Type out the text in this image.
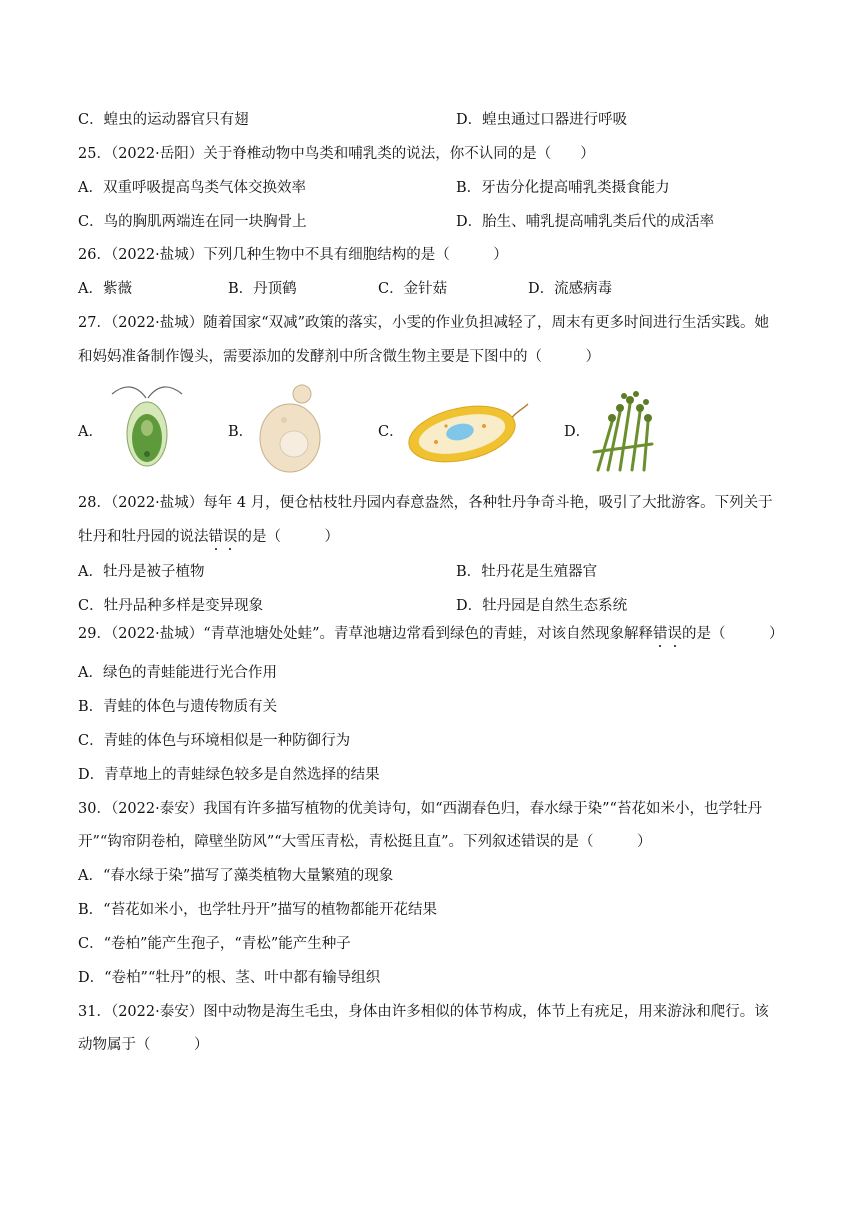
C．蝗虫的运动器官只有翅	D．蝗虫通过口器进行呼吸
25．（2022·岳阳）关于脊椎动物中鸟类和哺乳类的说法，你不认同的是（　　）
A．双重呼吸提高鸟类气体交换效率	B．牙齿分化提高哺乳类摄食能力
C．鸟的胸肌两端连在同一块胸骨上	D．胎生、哺乳提高哺乳类后代的成活率
26．（2022·盐城）下列几种生物中不具有细胞结构的是（　　　）
A．紫薇	B．丹顶鹤	C．金针菇	D．流感病毒
27．（2022·盐城）随着国家“双减”政策的落实，小雯的作业负担减轻了，周末有更多时间进行生活实践。她
和妈妈准备制作馒头，需要添加的发酵剂中所含微生物主要是下图中的（　　　）
A．	B．	C．	D．
28．（2022·盐城）每年 4 月，便仓枯枝牡丹园内春意盎然，各种牡丹争奇斗艳，吸引了大批游客。下列关于
牡丹和牡丹园的说法错误的是（　　　）
A．牡丹是被子植物	B．牡丹花是生殖器官
C．牡丹品种多样是变异现象	D．牡丹园是自然生态系统
29．（2022·盐城）“青草池塘处处蛙”。青草池塘边常看到绿色的青蛙，对该自然现象解释错误的是（　　　）
A．绿色的青蛙能进行光合作用
B．青蛙的体色与遗传物质有关
C．青蛙的体色与环境相似是一种防御行为
D．青草地上的青蛙绿色较多是自然选择的结果
30．（2022·泰安）我国有许多描写植物的优美诗句，如“西湖春色归，春水绿于染”“苔花如米小，也学牡丹
开”“钩帘阴卷柏，障壁坐防风”“大雪压青松，青松挺且直”。下列叙述错误的是（　　　）
A．“春水绿于染”描写了藻类植物大量繁殖的现象
B．“苔花如米小，也学牡丹开”描写的植物都能开花结果
C．“卷柏”能产生孢子，“青松”能产生种子
D．“卷柏”“牡丹”的根、茎、叶中都有输导组织
31．（2022·泰安）图中动物是海生毛虫，身体由许多相似的体节构成，体节上有疣足，用来游泳和爬行。该
动物属于（　　　）
